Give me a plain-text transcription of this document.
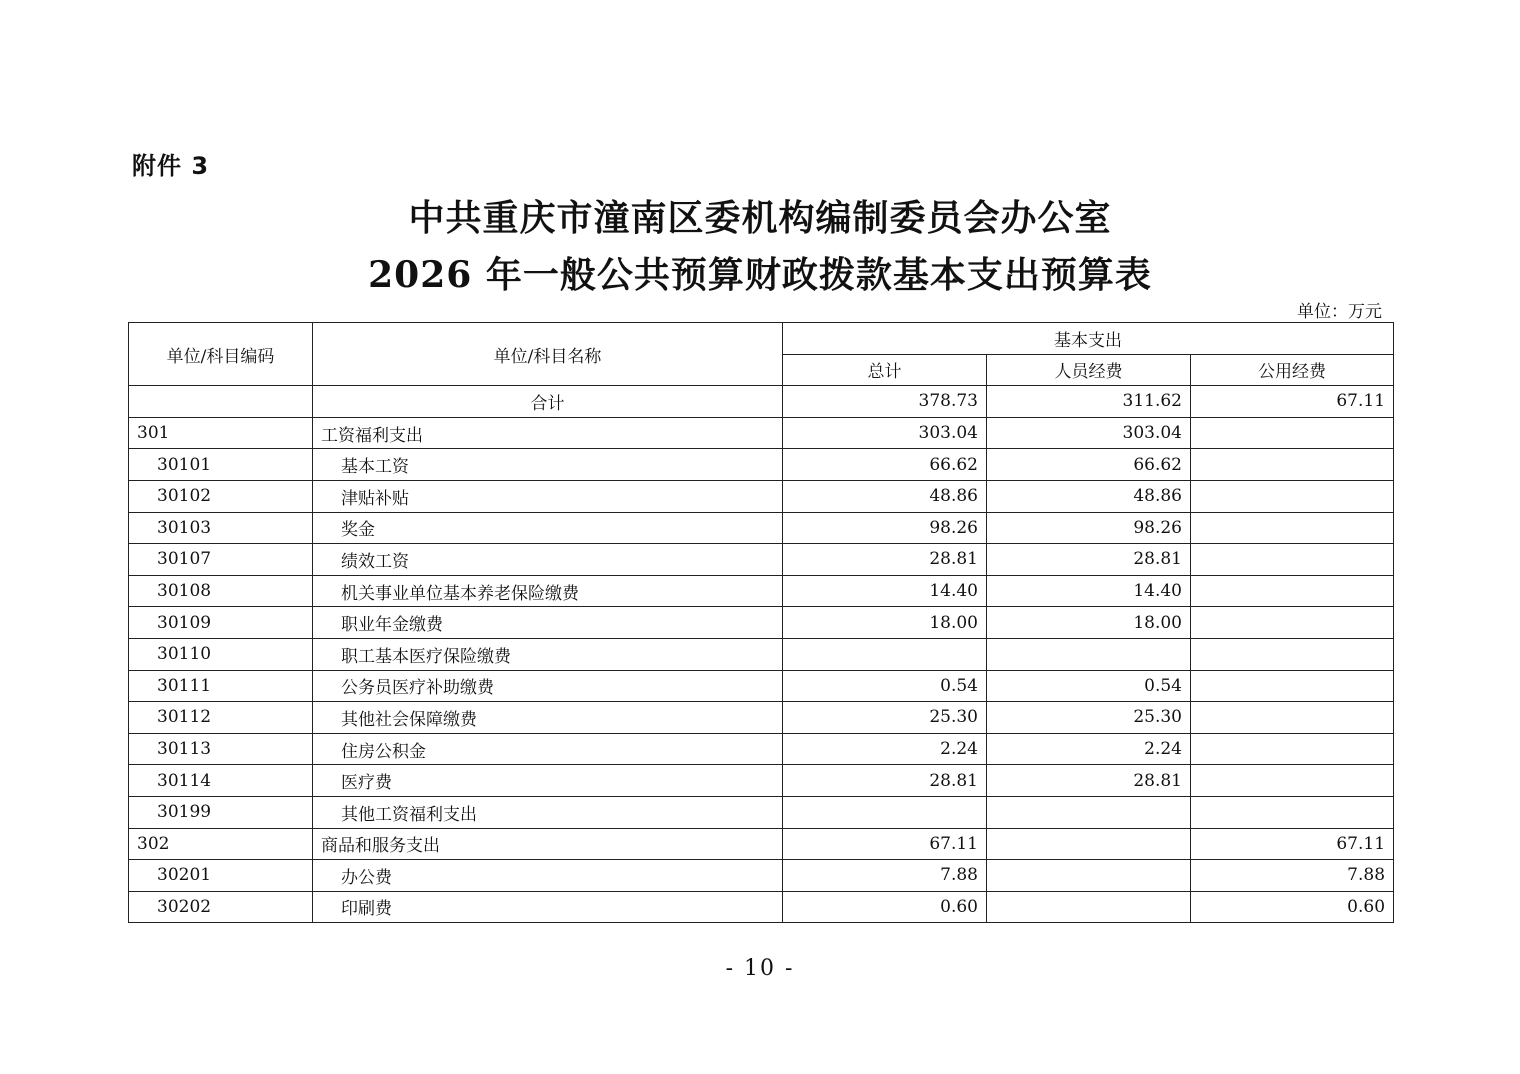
附件 3
中共重庆市潼南区委机构编制委员会办公室
2026 年一般公共预算财政拨款基本支出预算表
单位：万元
单位/科目编码	单位/科目名称	基本支出		
		总计	人员经费	公用经费
	合计	378.73	311.62	67.11
301	工资福利支出	303.04	303.04	
30101	基本工资	66.62	66.62	
30102	津贴补贴	48.86	48.86	
30103	奖金	98.26	98.26	
30107	绩效工资	28.81	28.81	
30108	机关事业单位基本养老保险缴费	14.40	14.40	
30109	职业年金缴费	18.00	18.00	
30110	职工基本医疗保险缴费			
30111	公务员医疗补助缴费	0.54	0.54	
30112	其他社会保障缴费	25.30	25.30	
30113	住房公积金	2.24	2.24	
30114	医疗费	28.81	28.81	
30199	其他工资福利支出			
302	商品和服务支出	67.11		67.11
30201	办公费	7.88		7.88
30202	印刷费	0.60		0.60
- 10 -
